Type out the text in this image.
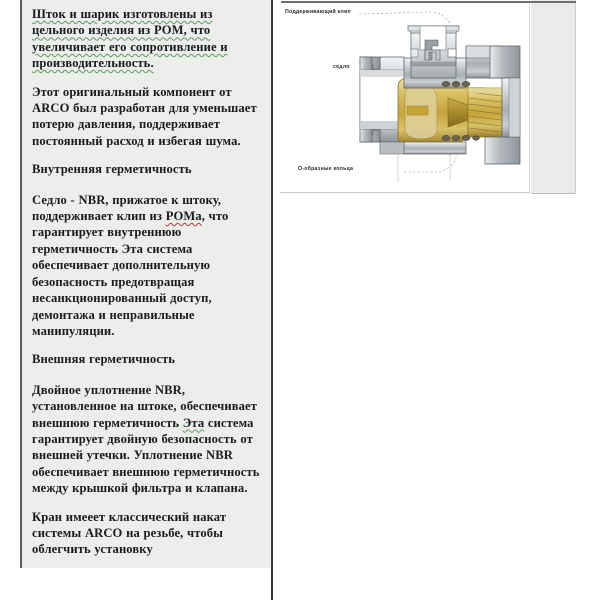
Шток и шарик изготовлены из цельного изделия из POM, что увеличивает его сопротивление и производительность.

Этот оригинальный компонент от ARCO был разработан для уменьшает потерю давления, поддерживает постоянный расход и избегая шума.

Внутренняя герметичность

Седло - NBR, прижатое к штоку, поддерживает клип из POMа, что гарантирует внутреннюю герметичность Эта система обеспечивает дополнительную безопасность предотвращая несанкционированный доступ, демонтажа и неправильные манипуляции.

Внешняя герметичность

Двойное уплотнение NBR, установленное на штоке, обеспечивает внешнюю герметичность Эта система гарантирует двойную безопасность от внешней утечки. Уплотнение NBR обеспечивает внешнюю герметичность между крышкой фильтра и клапана.

Кран имееет классический накат системы ARCO на резьбе, чтобы облегчить установку

Поддерживающий клип
седло
О-образные кольца
